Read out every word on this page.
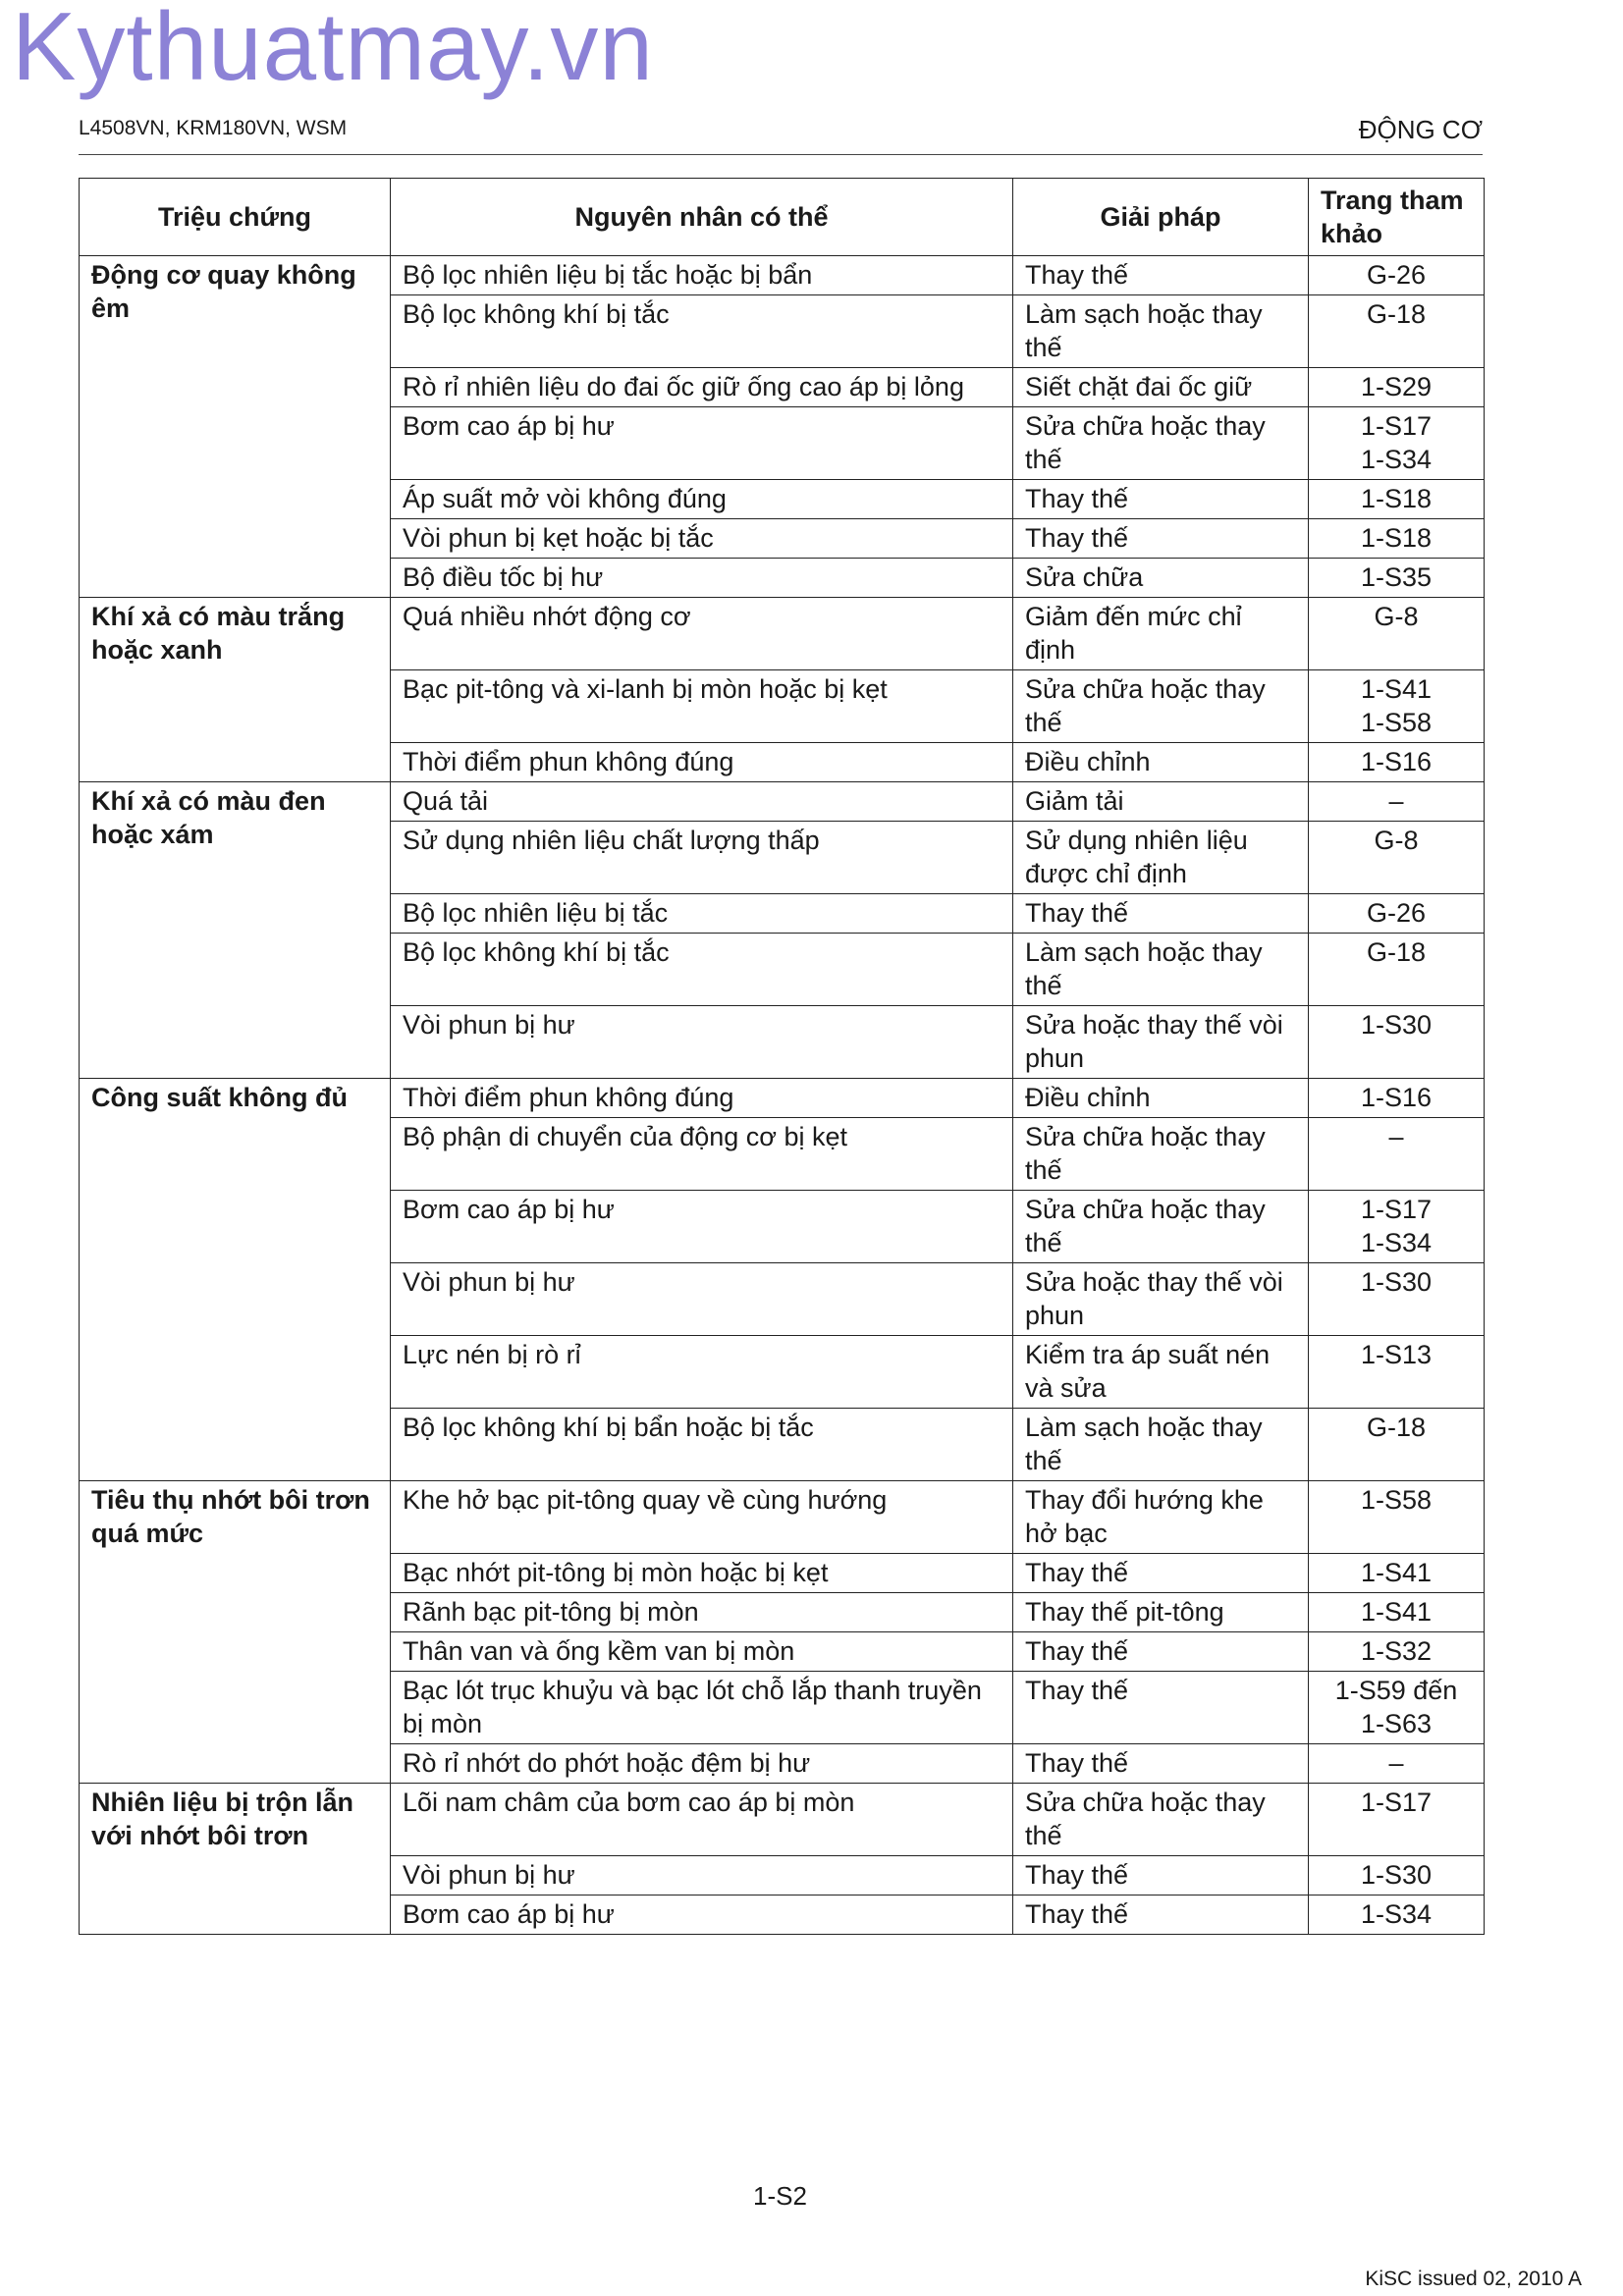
Kythuatmay.vn
L4508VN, KRM180VN, WSM	ĐỘNG CƠ
Triệu chứng	Nguyên nhân có thể	Giải pháp	Trang tham khảo
Động cơ quay không êm	Bộ lọc nhiên liệu bị tắc hoặc bị bẩn	Thay thế	G-26
	Bộ lọc không khí bị tắc	Làm sạch hoặc thay thế	G-18
	Rò rỉ nhiên liệu do đai ốc giữ ống cao áp bị lỏng	Siết chặt đai ốc giữ	1-S29
	Bơm cao áp bị hư	Sửa chữa hoặc thay thế	1-S17
1-S34
	Áp suất mở vòi không đúng	Thay thế	1-S18
	Vòi phun bị kẹt hoặc bị tắc	Thay thế	1-S18
	Bộ điều tốc bị hư	Sửa chữa	1-S35
Khí xả có màu trắng hoặc xanh	Quá nhiều nhớt động cơ	Giảm đến mức chỉ định	G-8
	Bạc pit-tông và xi-lanh bị mòn hoặc bị kẹt	Sửa chữa hoặc thay thế	1-S41
1-S58
	Thời điểm phun không đúng	Điều chỉnh	1-S16
Khí xả có màu đen hoặc xám	Quá tải	Giảm tải	–
	Sử dụng nhiên liệu chất lượng thấp	Sử dụng nhiên liệu được chỉ định	G-8
	Bộ lọc nhiên liệu bị tắc	Thay thế	G-26
	Bộ lọc không khí bị tắc	Làm sạch hoặc thay thế	G-18
	Vòi phun bị hư	Sửa hoặc thay thế vòi phun	1-S30
Công suất không đủ	Thời điểm phun không đúng	Điều chỉnh	1-S16
	Bộ phận di chuyển của động cơ bị kẹt	Sửa chữa hoặc thay thế	–
	Bơm cao áp bị hư	Sửa chữa hoặc thay thế	1-S17
1-S34
	Vòi phun bị hư	Sửa hoặc thay thế vòi phun	1-S30
	Lực nén bị rò rỉ	Kiểm tra áp suất nén và sửa	1-S13
	Bộ lọc không khí bị bẩn hoặc bị tắc	Làm sạch hoặc thay thế	G-18
Tiêu thụ nhớt bôi trơn quá mức	Khe hở bạc pit-tông quay về cùng hướng	Thay đổi hướng khe hở bạc	1-S58
	Bạc nhớt pit-tông bị mòn hoặc bị kẹt	Thay thế	1-S41
	Rãnh bạc pit-tông bị mòn	Thay thế pit-tông	1-S41
	Thân van và ống kềm van bị mòn	Thay thế	1-S32
	Bạc lót trục khuỷu và bạc lót chỗ lắp thanh truyền bị mòn	Thay thế	1-S59 đến
1-S63
	Rò rỉ nhớt do phớt hoặc đệm bị hư	Thay thế	–
Nhiên liệu bị trộn lẫn với nhớt bôi trơn	Lõi nam châm của bơm cao áp bị mòn	Sửa chữa hoặc thay thế	1-S17
	Vòi phun bị hư	Thay thế	1-S30
	Bơm cao áp bị hư	Thay thế	1-S34
1-S2
KiSC issued 02, 2010 A
